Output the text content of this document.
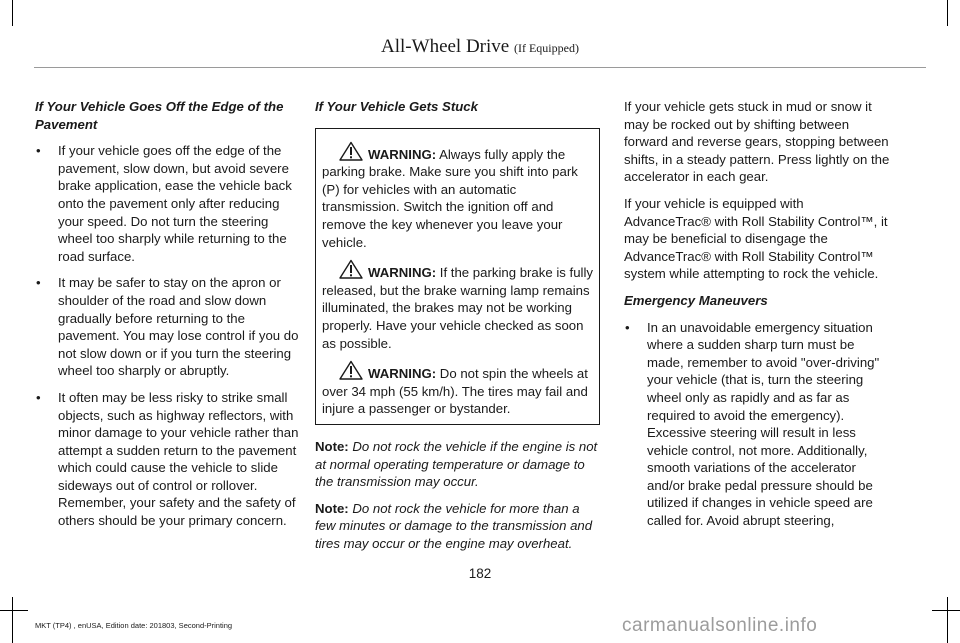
All-Wheel Drive (If Equipped)

If Your Vehicle Goes Off the Edge of the Pavement

• If your vehicle goes off the edge of the pavement, slow down, but avoid severe brake application, ease the vehicle back onto the pavement only after reducing your speed. Do not turn the steering wheel too sharply while returning to the road surface.
• It may be safer to stay on the apron or shoulder of the road and slow down gradually before returning to the pavement. You may lose control if you do not slow down or if you turn the steering wheel too sharply or abruptly.
• It often may be less risky to strike small objects, such as highway reflectors, with minor damage to your vehicle rather than attempt a sudden return to the pavement which could cause the vehicle to slide sideways out of control or rollover. Remember, your safety and the safety of others should be your primary concern.

If Your Vehicle Gets Stuck

WARNING: Always fully apply the parking brake. Make sure you shift into park (P) for vehicles with an automatic transmission. Switch the ignition off and remove the key whenever you leave your vehicle.

WARNING: If the parking brake is fully released, but the brake warning lamp remains illuminated, the brakes may not be working properly. Have your vehicle checked as soon as possible.

WARNING: Do not spin the wheels at over 34 mph (55 km/h). The tires may fail and injure a passenger or bystander.

Note: Do not rock the vehicle if the engine is not at normal operating temperature or damage to the transmission may occur.

Note: Do not rock the vehicle for more than a few minutes or damage to the transmission and tires may occur or the engine may overheat.

If your vehicle gets stuck in mud or snow it may be rocked out by shifting between forward and reverse gears, stopping between shifts, in a steady pattern. Press lightly on the accelerator in each gear.

If your vehicle is equipped with AdvanceTrac® with Roll Stability Control™, it may be beneficial to disengage the AdvanceTrac® with Roll Stability Control™ system while attempting to rock the vehicle.

Emergency Maneuvers

• In an unavoidable emergency situation where a sudden sharp turn must be made, remember to avoid "over-driving" your vehicle (that is, turn the steering wheel only as rapidly and as far as required to avoid the emergency). Excessive steering will result in less vehicle control, not more. Additionally, smooth variations of the accelerator and/or brake pedal pressure should be utilized if changes in vehicle speed are called for. Avoid abrupt steering,
182
MKT (TP4) , enUSA, Edition date: 201803, Second-Printing	carmanualsonline.info
